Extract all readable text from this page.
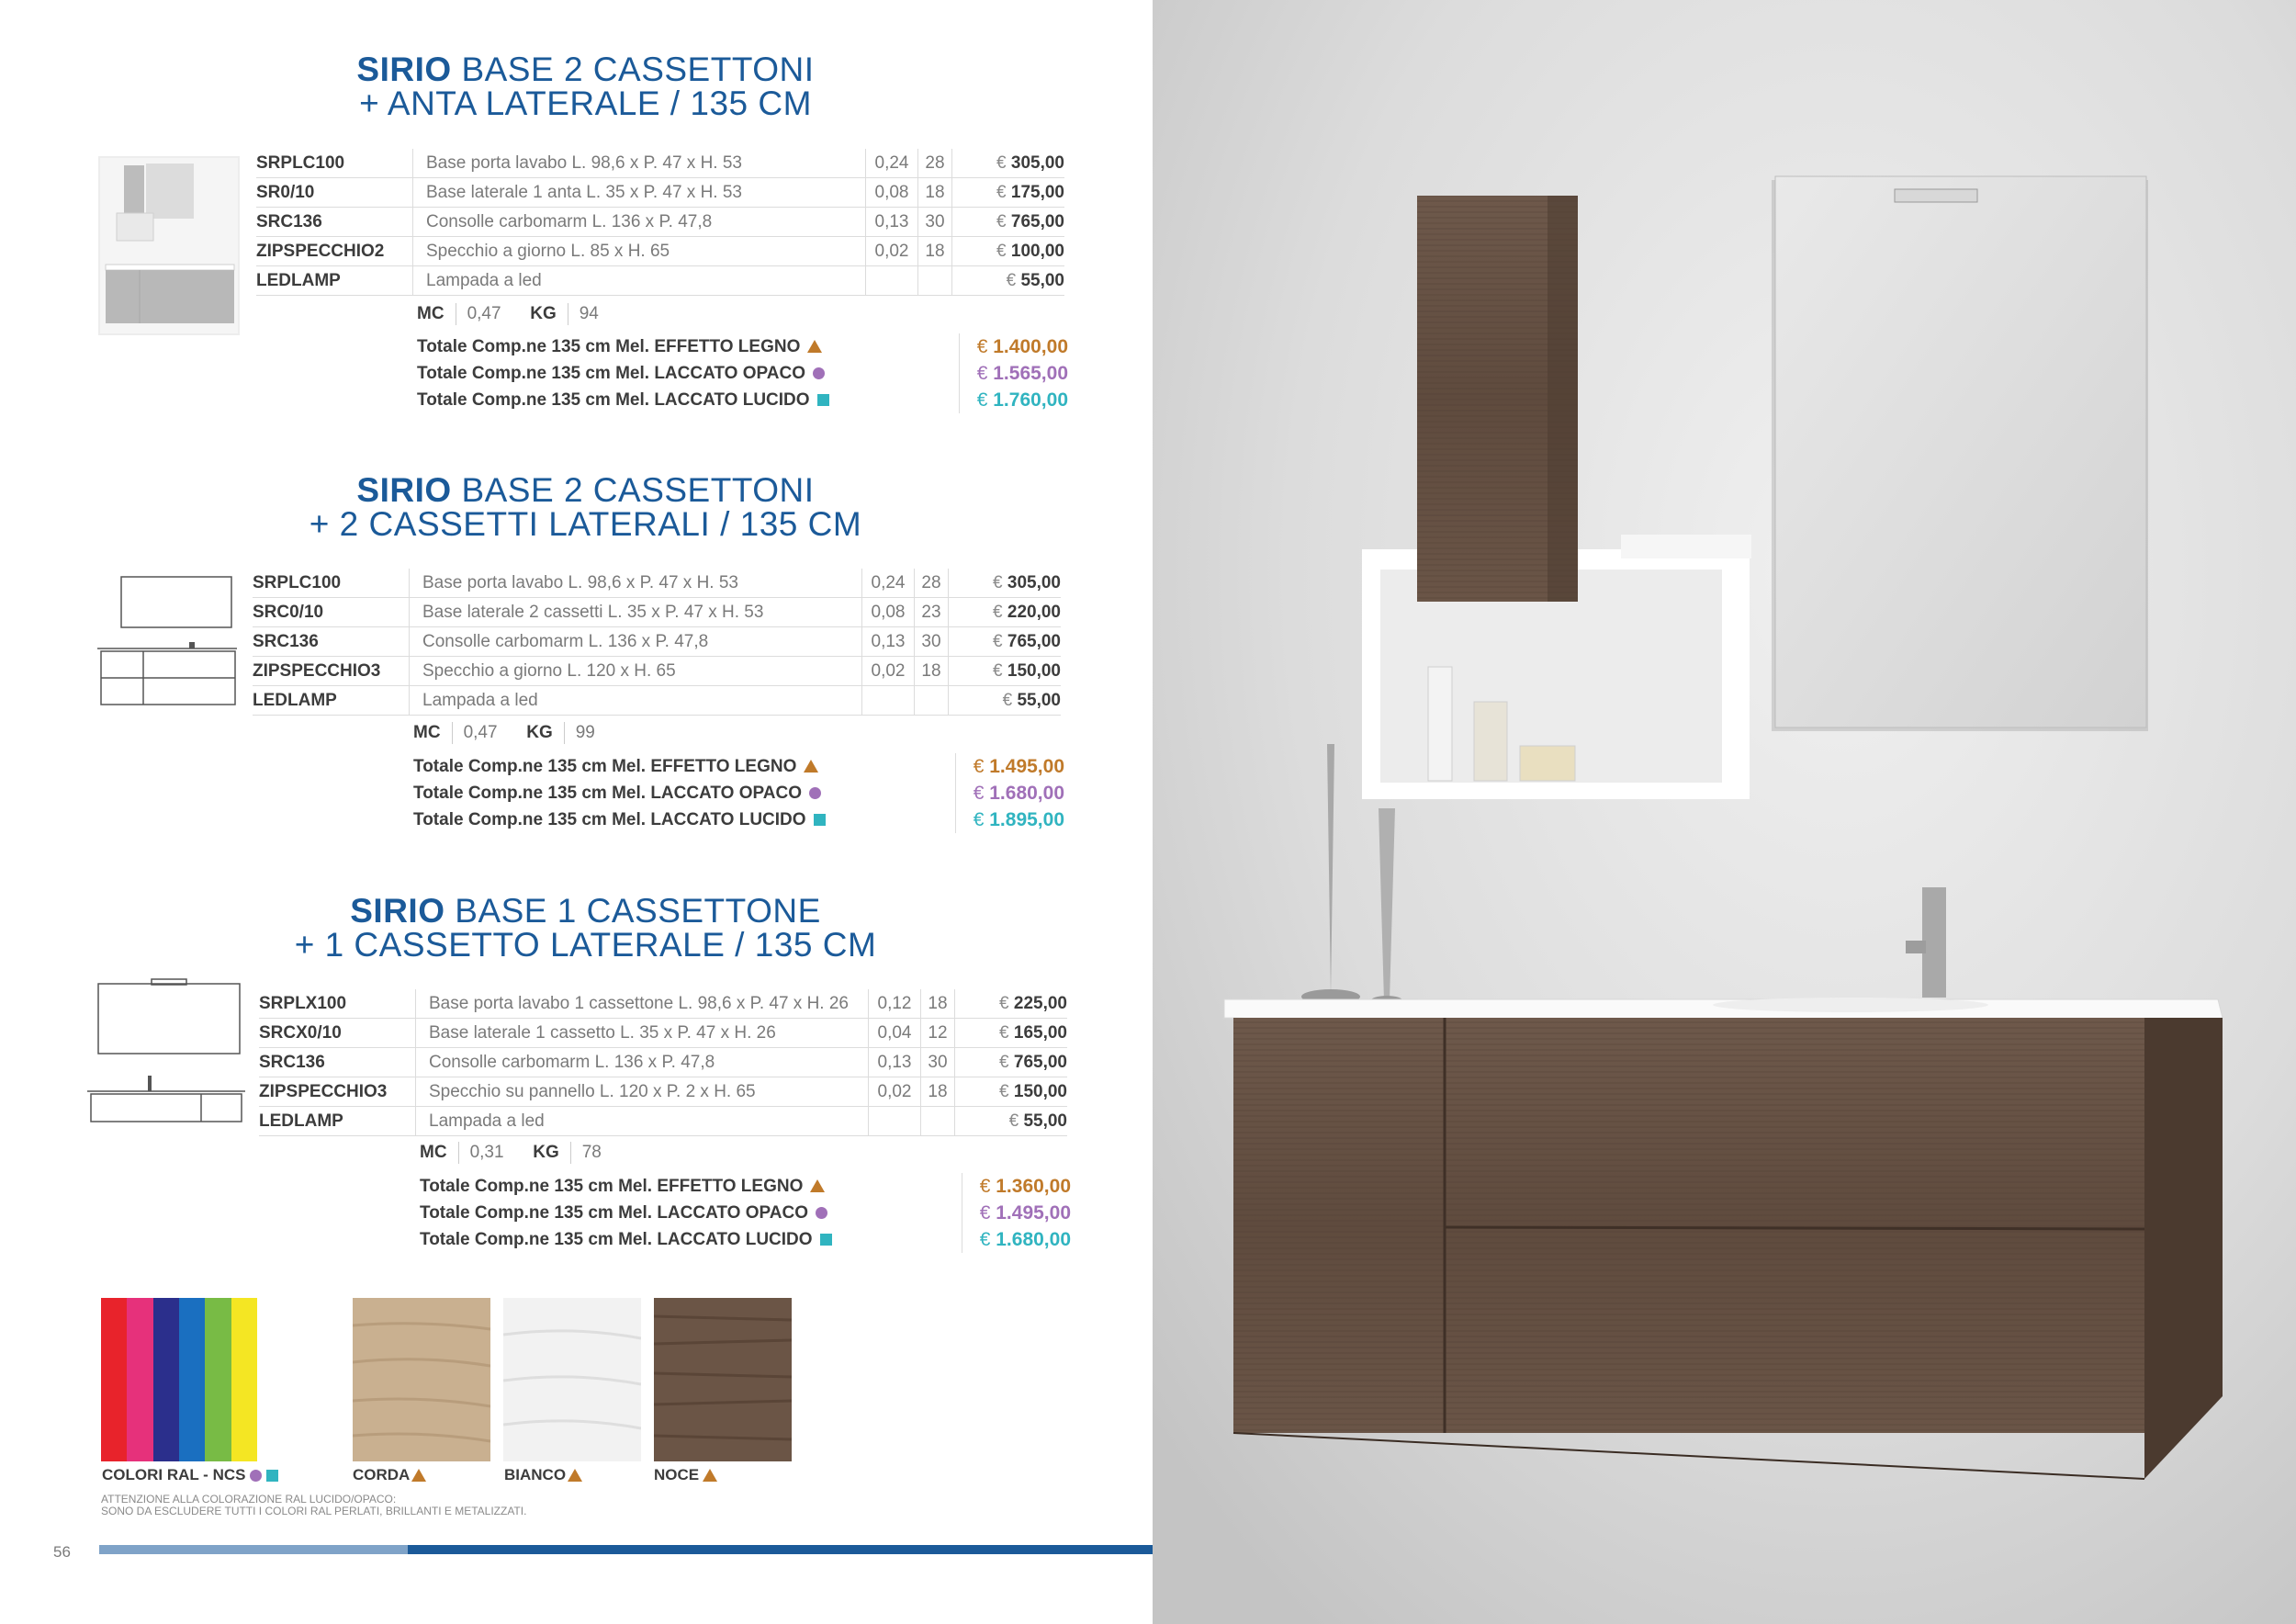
SIRIO BASE 2 CASSETTONI
+ ANTA LATERALE / 135 CM
SRPLC100	Base porta lavabo L. 98,6 x P. 47 x H. 53	0,24	28	€ 305,00
SR0/10	Base laterale 1 anta L. 35 x P. 47 x H. 53	0,08	18	€ 175,00
SRC136	Consolle carbomarm L. 136 x P. 47,8	0,13	30	€ 765,00
ZIPSPECCHIO2	Specchio a giorno L. 85 x H. 65	0,02	18	€ 100,00
LEDLAMP	Lampada a led			€ 55,00
MC 0,47 KG 94
Totale Comp.ne 135 cm Mel. EFFETTO LEGNO	€ 1.400,00
Totale Comp.ne 135 cm Mel. LACCATO OPACO	€ 1.565,00
Totale Comp.ne 135 cm Mel. LACCATO LUCIDO	€ 1.760,00
SIRIO BASE 2 CASSETTONI
+ 2 CASSETTI LATERALI / 135 CM
SRPLC100	Base porta lavabo L. 98,6 x P. 47 x H. 53	0,24	28	€ 305,00
SRC0/10	Base laterale 2 cassetti L. 35 x P. 47 x H. 53	0,08	23	€ 220,00
SRC136	Consolle carbomarm L. 136 x P. 47,8	0,13	30	€ 765,00
ZIPSPECCHIO3	Specchio a giorno L. 120 x H. 65	0,02	18	€ 150,00
LEDLAMP	Lampada a led			€ 55,00
MC 0,47 KG 99
Totale Comp.ne 135 cm Mel. EFFETTO LEGNO	€ 1.495,00
Totale Comp.ne 135 cm Mel. LACCATO OPACO	€ 1.680,00
Totale Comp.ne 135 cm Mel. LACCATO LUCIDO	€ 1.895,00
SIRIO BASE 1 CASSETTONE
+ 1 CASSETTO LATERALE / 135 CM
SRPLX100	Base porta lavabo 1 cassettone L. 98,6 x P. 47 x H. 26	0,12	18	€ 225,00
SRCX0/10	Base laterale 1 cassetto L. 35 x P. 47 x H. 26	0,04	12	€ 165,00
SRC136	Consolle carbomarm L. 136 x P. 47,8	0,13	30	€ 765,00
ZIPSPECCHIO3	Specchio su pannello L. 120 x P. 2 x H. 65	0,02	18	€ 150,00
LEDLAMP	Lampada a led			€ 55,00
MC 0,31 KG 78
Totale Comp.ne 135 cm Mel. EFFETTO LEGNO	€ 1.360,00
Totale Comp.ne 135 cm Mel. LACCATO OPACO	€ 1.495,00
Totale Comp.ne 135 cm Mel. LACCATO LUCIDO	€ 1.680,00
COLORI RAL - NCS

	CORDA	BIANCO	NOCE
ATTENZIONE ALLA COLORAZIONE RAL LUCIDO/OPACO:
SONO DA ESCLUDERE TUTTI I COLORI RAL PERLATI, BRILLANTI E METALIZZATI.
56
